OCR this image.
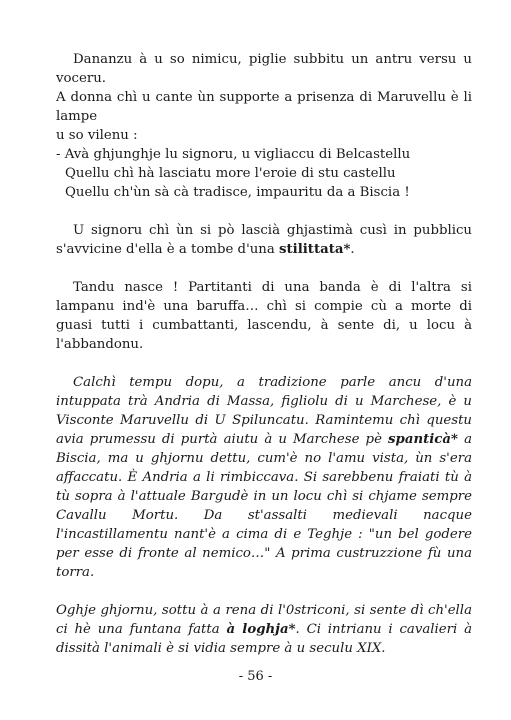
Dananzu à u so nimicu, piglie subbitu un antru versu u voceru.
A donna chì u cante ùn supporte a prisenza di Maruvellu è li lampe
u so vilenu :

- Avà ghjunghje lu signoru, u vigliaccu di Belcastellu
Quellu chì hà lasciatu more l'eroie di stu castellu
Quellu ch'ùn sà cà tradisce, impauritu da a Biscia !

U signoru chì ùn si pò lascià ghjastimà cusì in pubblicu s'avvicine d'ella è a tombe d'una stilittata*.

Tandu nasce ! Partitanti di una banda è di l'altra si lampanu ind'è una baruffa… chì si compie cù a morte di guasi tutti i cumbattanti, lascendu, à sente di, u locu à l'abbandonu.

Calchì tempu dopu, a tradizione parle ancu d'una intuppata trà Andria di Massa, figliolu di u Marchese, è u Visconte Maruvellu di U Spiluncatu. Ramintemu chì questu avia prumessu di purtà aiutu à u Marchese pè spanticà* a Biscia, ma u ghjornu dettu, cum'è no l'amu vista, ùn s'era affaccatu. È Andria a li rimbiccava. Si sarebbenu fraiati tù à tù sopra à l'attuale Bargudè in un locu chì si chjame sempre Cavallu Mortu. Da st'assalti medievali nacque l'incastillamentu nant'è a cima di e Teghje : "un bel godere per esse di fronte al nemico…" A prima custruzzione fù una torra.

Oghje ghjornu, sottu à a rena di l'0striconi, si sente dì ch'ella ci hè una funtana fatta à loghja*. Ci intrianu i cavalieri à dissità l'animali è si vidia sempre à u seculu XIX.

- 56 -
